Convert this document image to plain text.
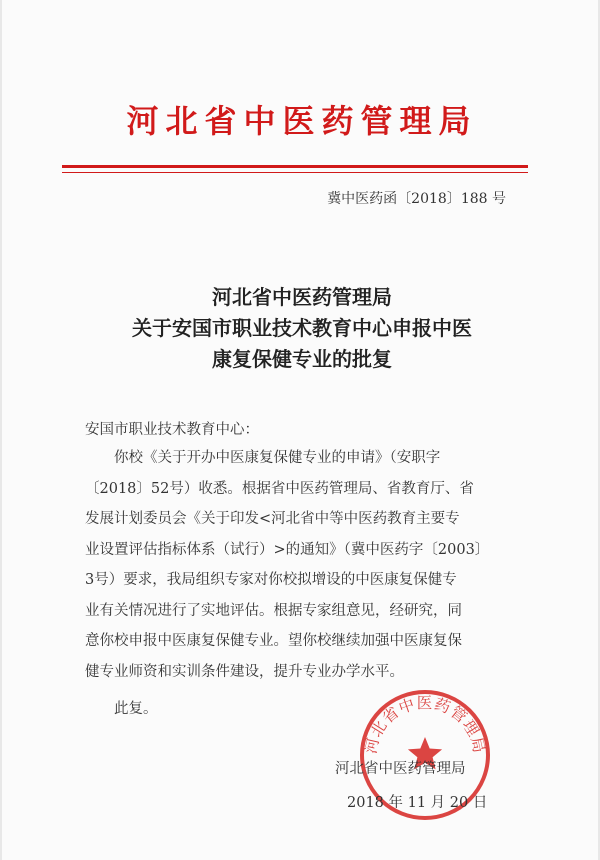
河北省中医药管理局
冀中医药函〔2018〕188 号
河北省中医药管理局
关于安国市职业技术教育中心申报中医
康复保健专业的批复
安国市职业技术教育中心：
你校《关于开办中医康复保健专业的申请》（安职字
〔2018〕52号）收悉。根据省中医药管理局、省教育厅、省
发展计划委员会《关于印发<河北省中等中医药教育主要专
业设置评估指标体系（试行）>的通知》（冀中医药字〔2003〕
3号）要求，我局组织专家对你校拟增设的中医康复保健专
业有关情况进行了实地评估。根据专家组意见，经研究，同
意你校申报中医康复保健专业。望你校继续加强中医康复保
健专业师资和实训条件建设，提升专业办学水平。
此复。
河北省中医药管理局
河北省中医药管理局
2018 年 11 月 20 日
